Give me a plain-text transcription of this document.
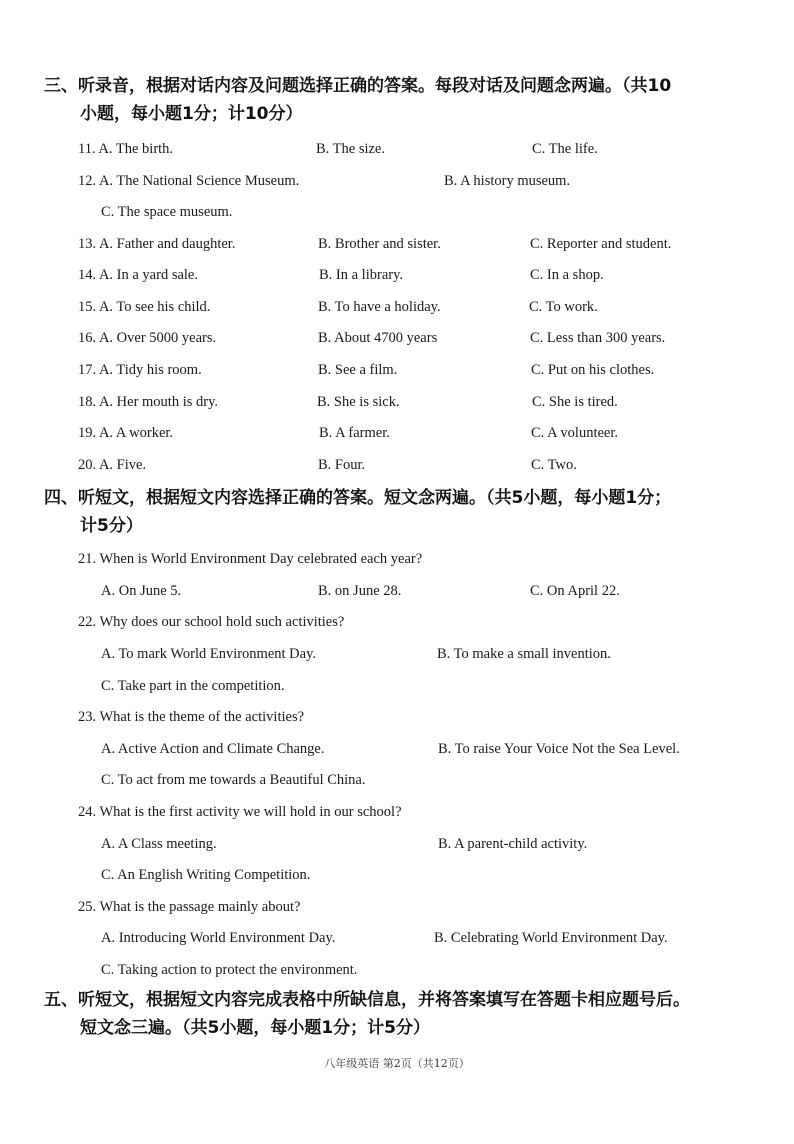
三、听录音，根据对话内容及问题选择正确的答案。每段对话及问题念两遍。（共10
小题，每小题1分；计10分）
11. A. The birth.	B. The size.	C. The life.
12. A. The National Science Museum.	B. A history museum.
C. The space museum.
13. A. Father and daughter.	B. Brother and sister.	C. Reporter and student.
14. A. In a yard sale.	B. In a library.	C. In a shop.
15. A. To see his child.	B. To have a holiday.	C. To work.
16. A. Over 5000 years.	B. About 4700 years	C. Less than 300 years.
17. A. Tidy his room.	B. See a film.	C. Put on his clothes.
18. A. Her mouth is dry.	B. She is sick.	C. She is tired.
19. A. A worker.	B. A farmer.	C. A volunteer.
20. A. Five.	B. Four.	C. Two.
四、听短文，根据短文内容选择正确的答案。短文念两遍。（共5小题，每小题1分；
计5分）
21. When is World Environment Day celebrated each year?
A. On June 5.	B. on June 28.	C. On April 22.
22. Why does our school hold such activities?
A. To mark World Environment Day.	B. To make a small invention.
C. Take part in the competition.
23. What is the theme of the activities?
A. Active Action and Climate Change.	B. To raise Your Voice Not the Sea Level.
C. To act from me towards a Beautiful China.
24. What is the first activity we will hold in our school?
A. A Class meeting.	B. A parent-child activity.
C. An English Writing Competition.
25. What is the passage mainly about?
A. Introducing World Environment Day.	B. Celebrating World Environment Day.
C. Taking action to protect the environment.
五、听短文，根据短文内容完成表格中所缺信息，并将答案填写在答题卡相应题号后。
短文念三遍。（共5小题，每小题1分；计5分）
八年级英语 第2页（共12页）
